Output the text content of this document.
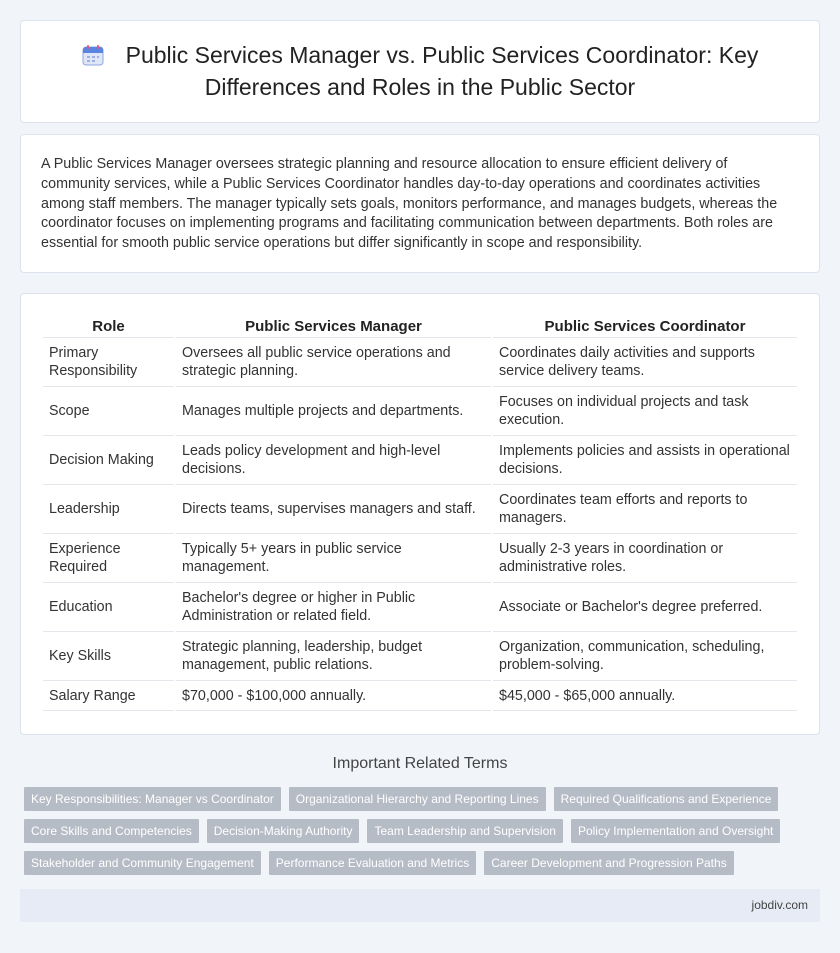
Public Services Manager vs. Public Services Coordinator: Key
Differences and Roles in the Public Sector

A Public Services Manager oversees strategic planning and resource allocation to ensure efficient delivery of community services, while a Public Services Coordinator handles day-to-day operations and coordinates activities among staff members. The manager typically sets goals, monitors performance, and manages budgets, whereas the coordinator focuses on implementing programs and facilitating communication between departments. Both roles are essential for smooth public service operations but differ significantly in scope and responsibility.

Role	Public Services Manager	Public Services Coordinator
Primary Responsibility	Oversees all public service operations and strategic planning.	Coordinates daily activities and supports service delivery teams.
Scope	Manages multiple projects and departments.	Focuses on individual projects and task execution.
Decision Making	Leads policy development and high-level decisions.	Implements policies and assists in operational decisions.
Leadership	Directs teams, supervises managers and staff.	Coordinates team efforts and reports to managers.
Experience Required	Typically 5+ years in public service management.	Usually 2-3 years in coordination or administrative roles.
Education	Bachelor's degree or higher in Public Administration or related field.	Associate or Bachelor's degree preferred.
Key Skills	Strategic planning, leadership, budget management, public relations.	Organization, communication, scheduling, problem-solving.
Salary Range	$70,000 - $100,000 annually.	$45,000 - $65,000 annually.
Important Related Terms
Key Responsibilities: Manager vs Coordinator	Organizational Hierarchy and Reporting Lines	Required Qualifications and Experience
Core Skills and Competencies	Decision-Making Authority	Team Leadership and Supervision	Policy Implementation and Oversight
Stakeholder and Community Engagement	Performance Evaluation and Metrics	Career Development and Progression Paths
jobdiv.com
